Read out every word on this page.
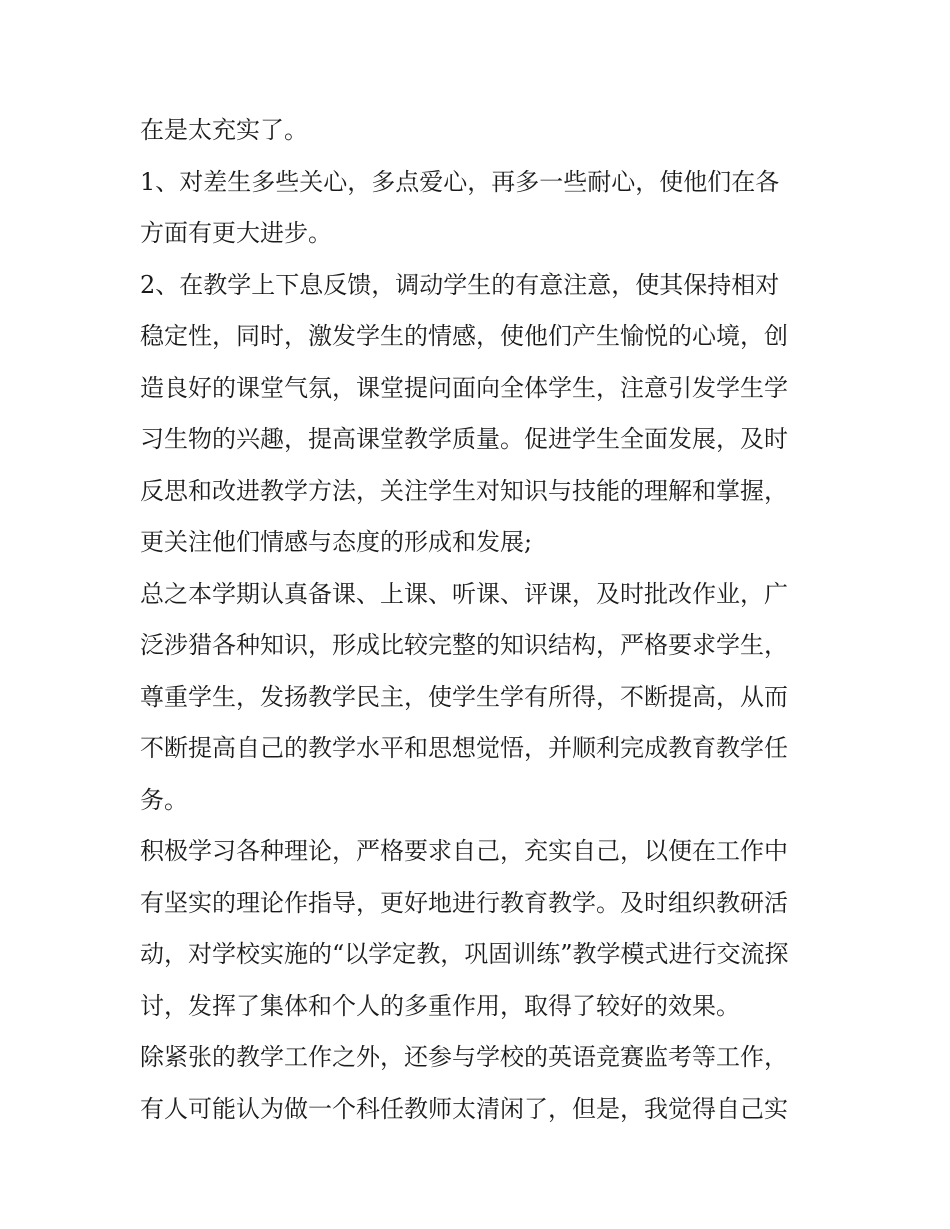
在是太充实了。
1、对差生多些关心，多点爱心，再多一些耐心，使他们在各
方面有更大进步。
2、在教学上下息反馈，调动学生的有意注意，使其保持相对
稳定性，同时，激发学生的情感，使他们产生愉悦的心境，创
造良好的课堂气氛，课堂提问面向全体学生，注意引发学生学
习生物的兴趣，提高课堂教学质量。促进学生全面发展，及时
反思和改进教学方法，关注学生对知识与技能的理解和掌握，
更关注他们情感与态度的形成和发展;
总之本学期认真备课、上课、听课、评课，及时批改作业，广
泛涉猎各种知识，形成比较完整的知识结构，严格要求学生，
尊重学生，发扬教学民主，使学生学有所得，不断提高，从而
不断提高自己的教学水平和思想觉悟，并顺利完成教育教学任
务。
积极学习各种理论，严格要求自己，充实自己，以便在工作中
有坚实的理论作指导，更好地进行教育教学。及时组织教研活
动，对学校实施的“以学定教，巩固训练”教学模式进行交流探
讨，发挥了集体和个人的多重作用，取得了较好的效果。
除紧张的教学工作之外，还参与学校的英语竞赛监考等工作，
有人可能认为做一个科任教师太清闲了，但是，我觉得自己实
